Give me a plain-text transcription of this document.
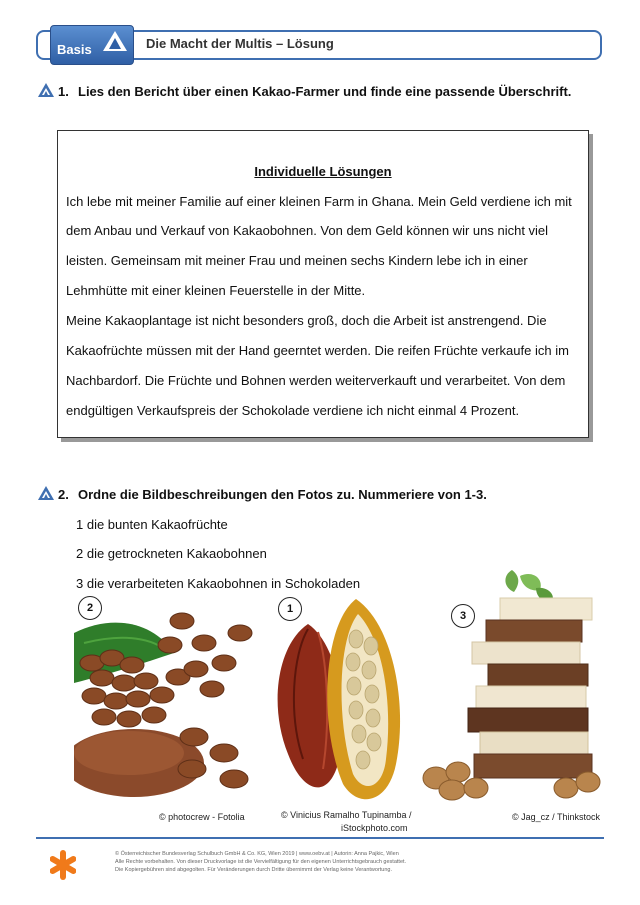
Basis	Die Macht der Multis – Lösung
1. Lies den Bericht über einen Kakao-Farmer und finde eine passende Überschrift.
Individuelle Lösungen
Ich lebe mit meiner Familie auf einer kleinen Farm in Ghana. Mein Geld verdiene ich mit
dem Anbau und Verkauf von Kakaobohnen. Von dem Geld können wir uns nicht viel
leisten. Gemeinsam mit meiner Frau und meinen sechs Kindern lebe ich in einer
Lehmhütte mit einer kleinen Feuerstelle in der Mitte.
Meine Kakaoplantage ist nicht besonders groß, doch die Arbeit ist anstrengend. Die
Kakaofrüchte müssen mit der Hand geerntet werden. Die reifen Früchte verkaufe ich im
Nachbardorf. Die Früchte und Bohnen werden weiterverkauft und verarbeitet. Von dem
endgültigen Verkaufspreis der Schokolade verdiene ich nicht einmal 4 Prozent.
2. Ordne die Bildbeschreibungen den Fotos zu. Nummeriere von 1-3.
1 die bunten Kakaofrüchte
2 die getrockneten Kakaobohnen
3 die verarbeiteten Kakaobohnen in Schokoladen
2	1
3
© photocrew - Fotolia	© Vinicius Ramalho Tupinamba /
iStockphoto.com
© Jag_cz / Thinkstock
© Österreichischer Bundesverlag Schulbuch GmbH & Co. KG, Wien 2019 | www.oebv.at | Autorin: Anna Pajkic, Wien
Alle Rechte vorbehalten. Von dieser Druckvorlage ist die Vervielfältigung für den eigenen Unterrichtsgebrauch gestattet.
Die Kopiergebühren sind abgegolten. Für Veränderungen durch Dritte übernimmt der Verlag keine Verantwortung.
